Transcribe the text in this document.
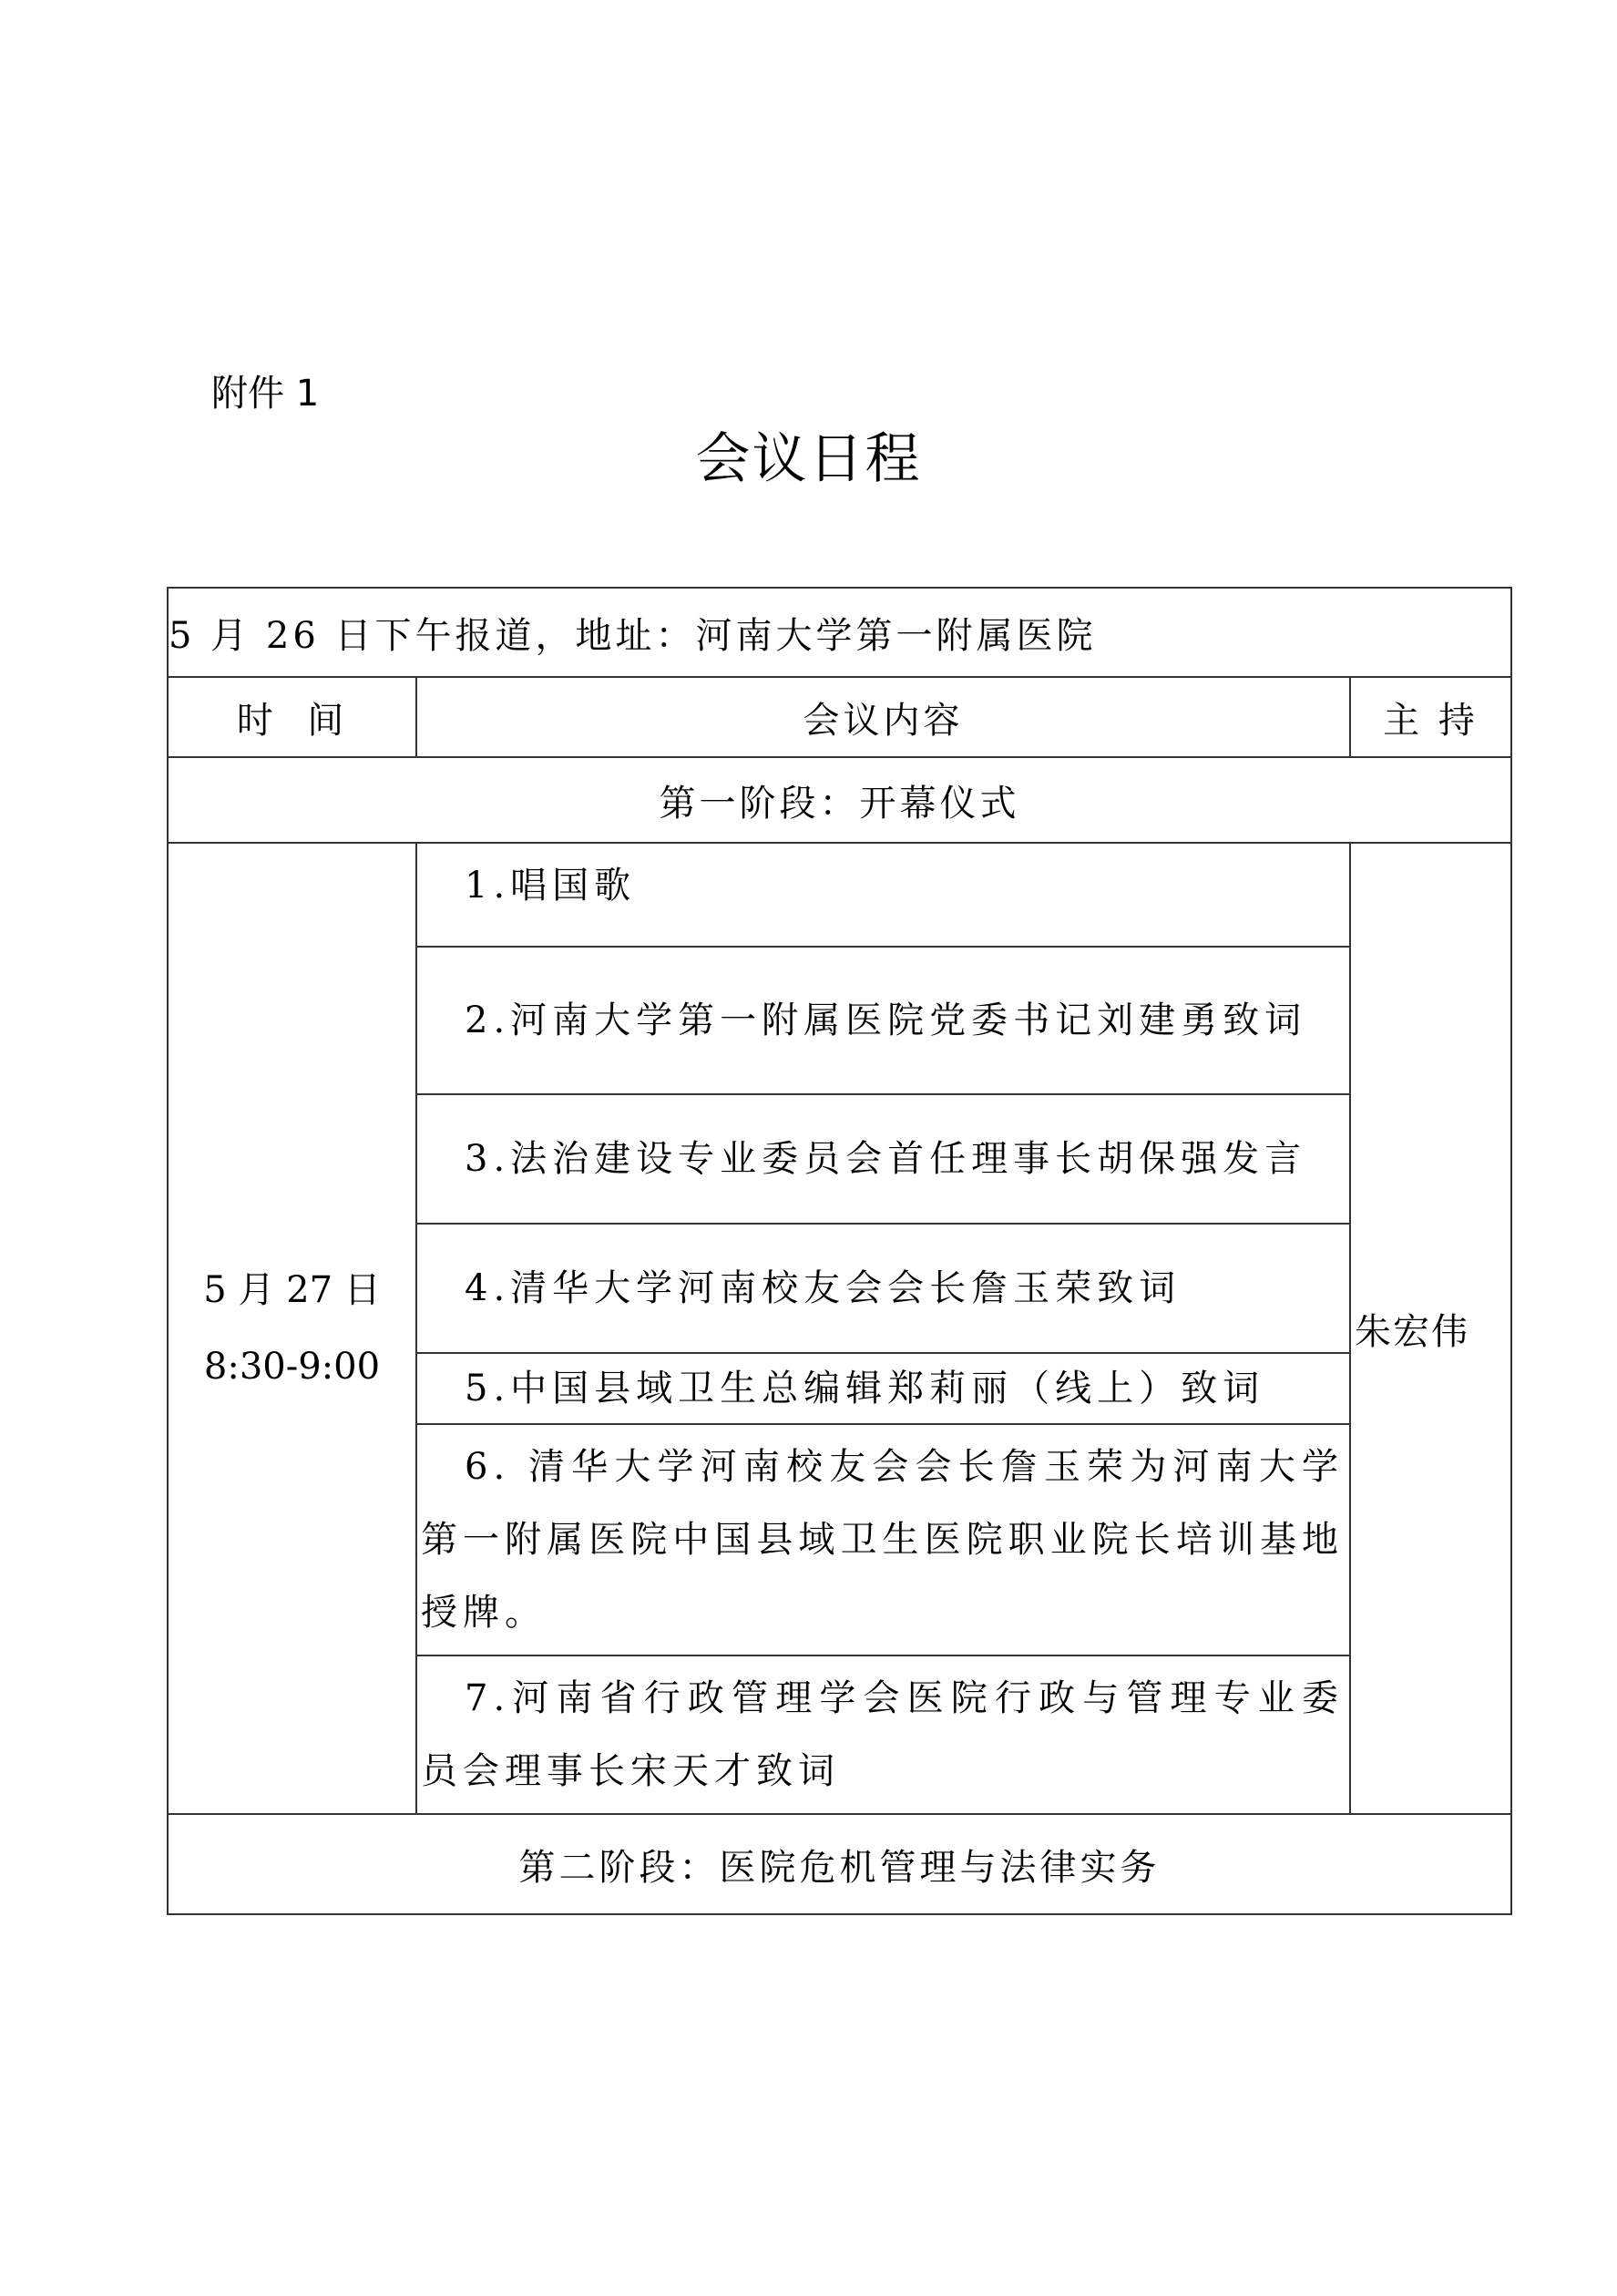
附件 1
会议日程
5 月 26 日下午报道，地址：河南大学第一附属医院		
时  间	会议内容	主 持
第一阶段：开幕仪式		

5 月 27 日
8:30-9:00	1.唱国歌	朱宏伟
	2.河南大学第一附属医院党委书记刘建勇致词	
	3.法治建设专业委员会首任理事长胡保强发言	
	4.清华大学河南校友会会长詹玉荣致词	
	5.中国县域卫生总编辑郑莉丽（线上）致词	
	6. 清华大学河南校友会会长詹玉荣为河南大学第一附属医院中国县域卫生医院职业院长培训基地授牌。	
	7.河南省行政管理学会医院行政与管理专业委员会理事长宋天才致词	
第二阶段：医院危机管理与法律实务		
